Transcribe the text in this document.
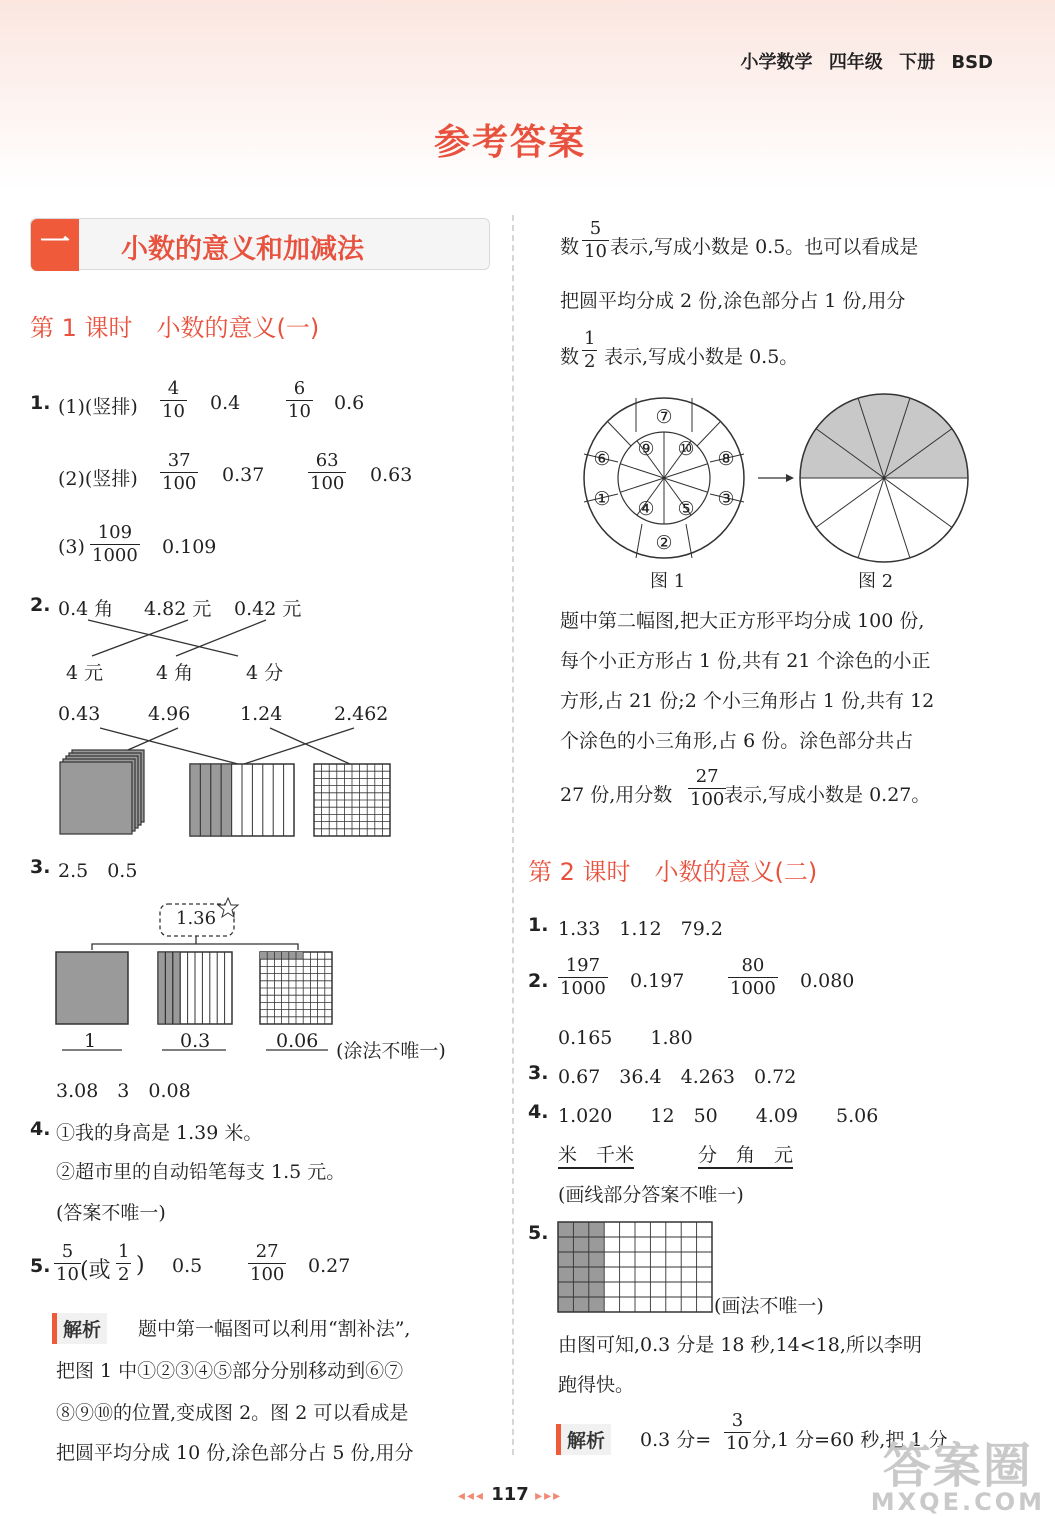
小学数学 四年级 下册 BSD
参考答案
一	小数的意义和加减法
第 1 课时　小数的意义(一)
1. (1)(竖排) $\frac{4}{10} 0.4$	$\frac{6}{10} 0.6$
(2)(竖排) $\frac{37}{100} 0.37 \frac{63}{100} 0.63$
$(3) \frac{109}{1000} 0.109$
2. 0.4 角 4.82 元 0.42 元
4 元	4 角	4 分
0.43	4.96	1.24	2.462
3. 2.5　0.5
1.36
1	0.3	0.06 (涂法不唯一)
3.08　3　0.08
4. ①我的身高是 1.39 米。
②超市里的自动铅笔每支 1.5 元。
(答案不唯一)
5. $\frac{5}{10}$ (或 $\frac{1}{2}$ ) 0.5	$\frac{27}{100} 0.27$
解析	题中第一幅图可以利用“割补法”,
把图 1 中①②③④⑤部分分别移动到⑥⑦
⑧⑨⑩的位置,变成图 2。图 2 可以看成是
把圆平均分成 10 份,涂色部分占 5 份,用分
数 $\frac{5}{10}$ 表示,写成小数是 0.5。也可以看成是
把圆平均分成 2 份,涂色部分占 1 份,用分
数 $\frac{1}{2}$ 表示,写成小数是 0.5。
⑦
⑨ ⑩
⑥	⑧
①	③
④ ⑤
②
图 1	图 2
题中第二幅图,把大正方形平均分成 100 份,
每个小正方形占 1 份,共有 21 个涂色的小正
方形,占 21 份;2 个小三角形占 1 份,共有 12
个涂色的小三角形,占 6 份。涂色部分共占
27 份,用分数 $\frac{27}{100}$
表示,写成小数是 0.27。
第 2 课时　小数的意义(二)
1. 1.33　1.12　79.2
2. $\frac{197}{1000} 0.197 \frac{80}{1000} 0.080$
0.165　　1.80
3. 0.67　36.4　4.263　0.72
4. 1.020　　12　50　　4.09　　5.06
米　千米	分　角　元
(画线部分答案不唯一)
5.
(画法不唯一)
由图可知,0.3 分是 18 秒,14<18,所以李明
跑得快。
解析	0.3 分= $\frac{3}{10}$ 分,1 分=60 秒,把 1 分
◂◂◂ 117 ▸▸▸
答案圈
MXQE.COM
